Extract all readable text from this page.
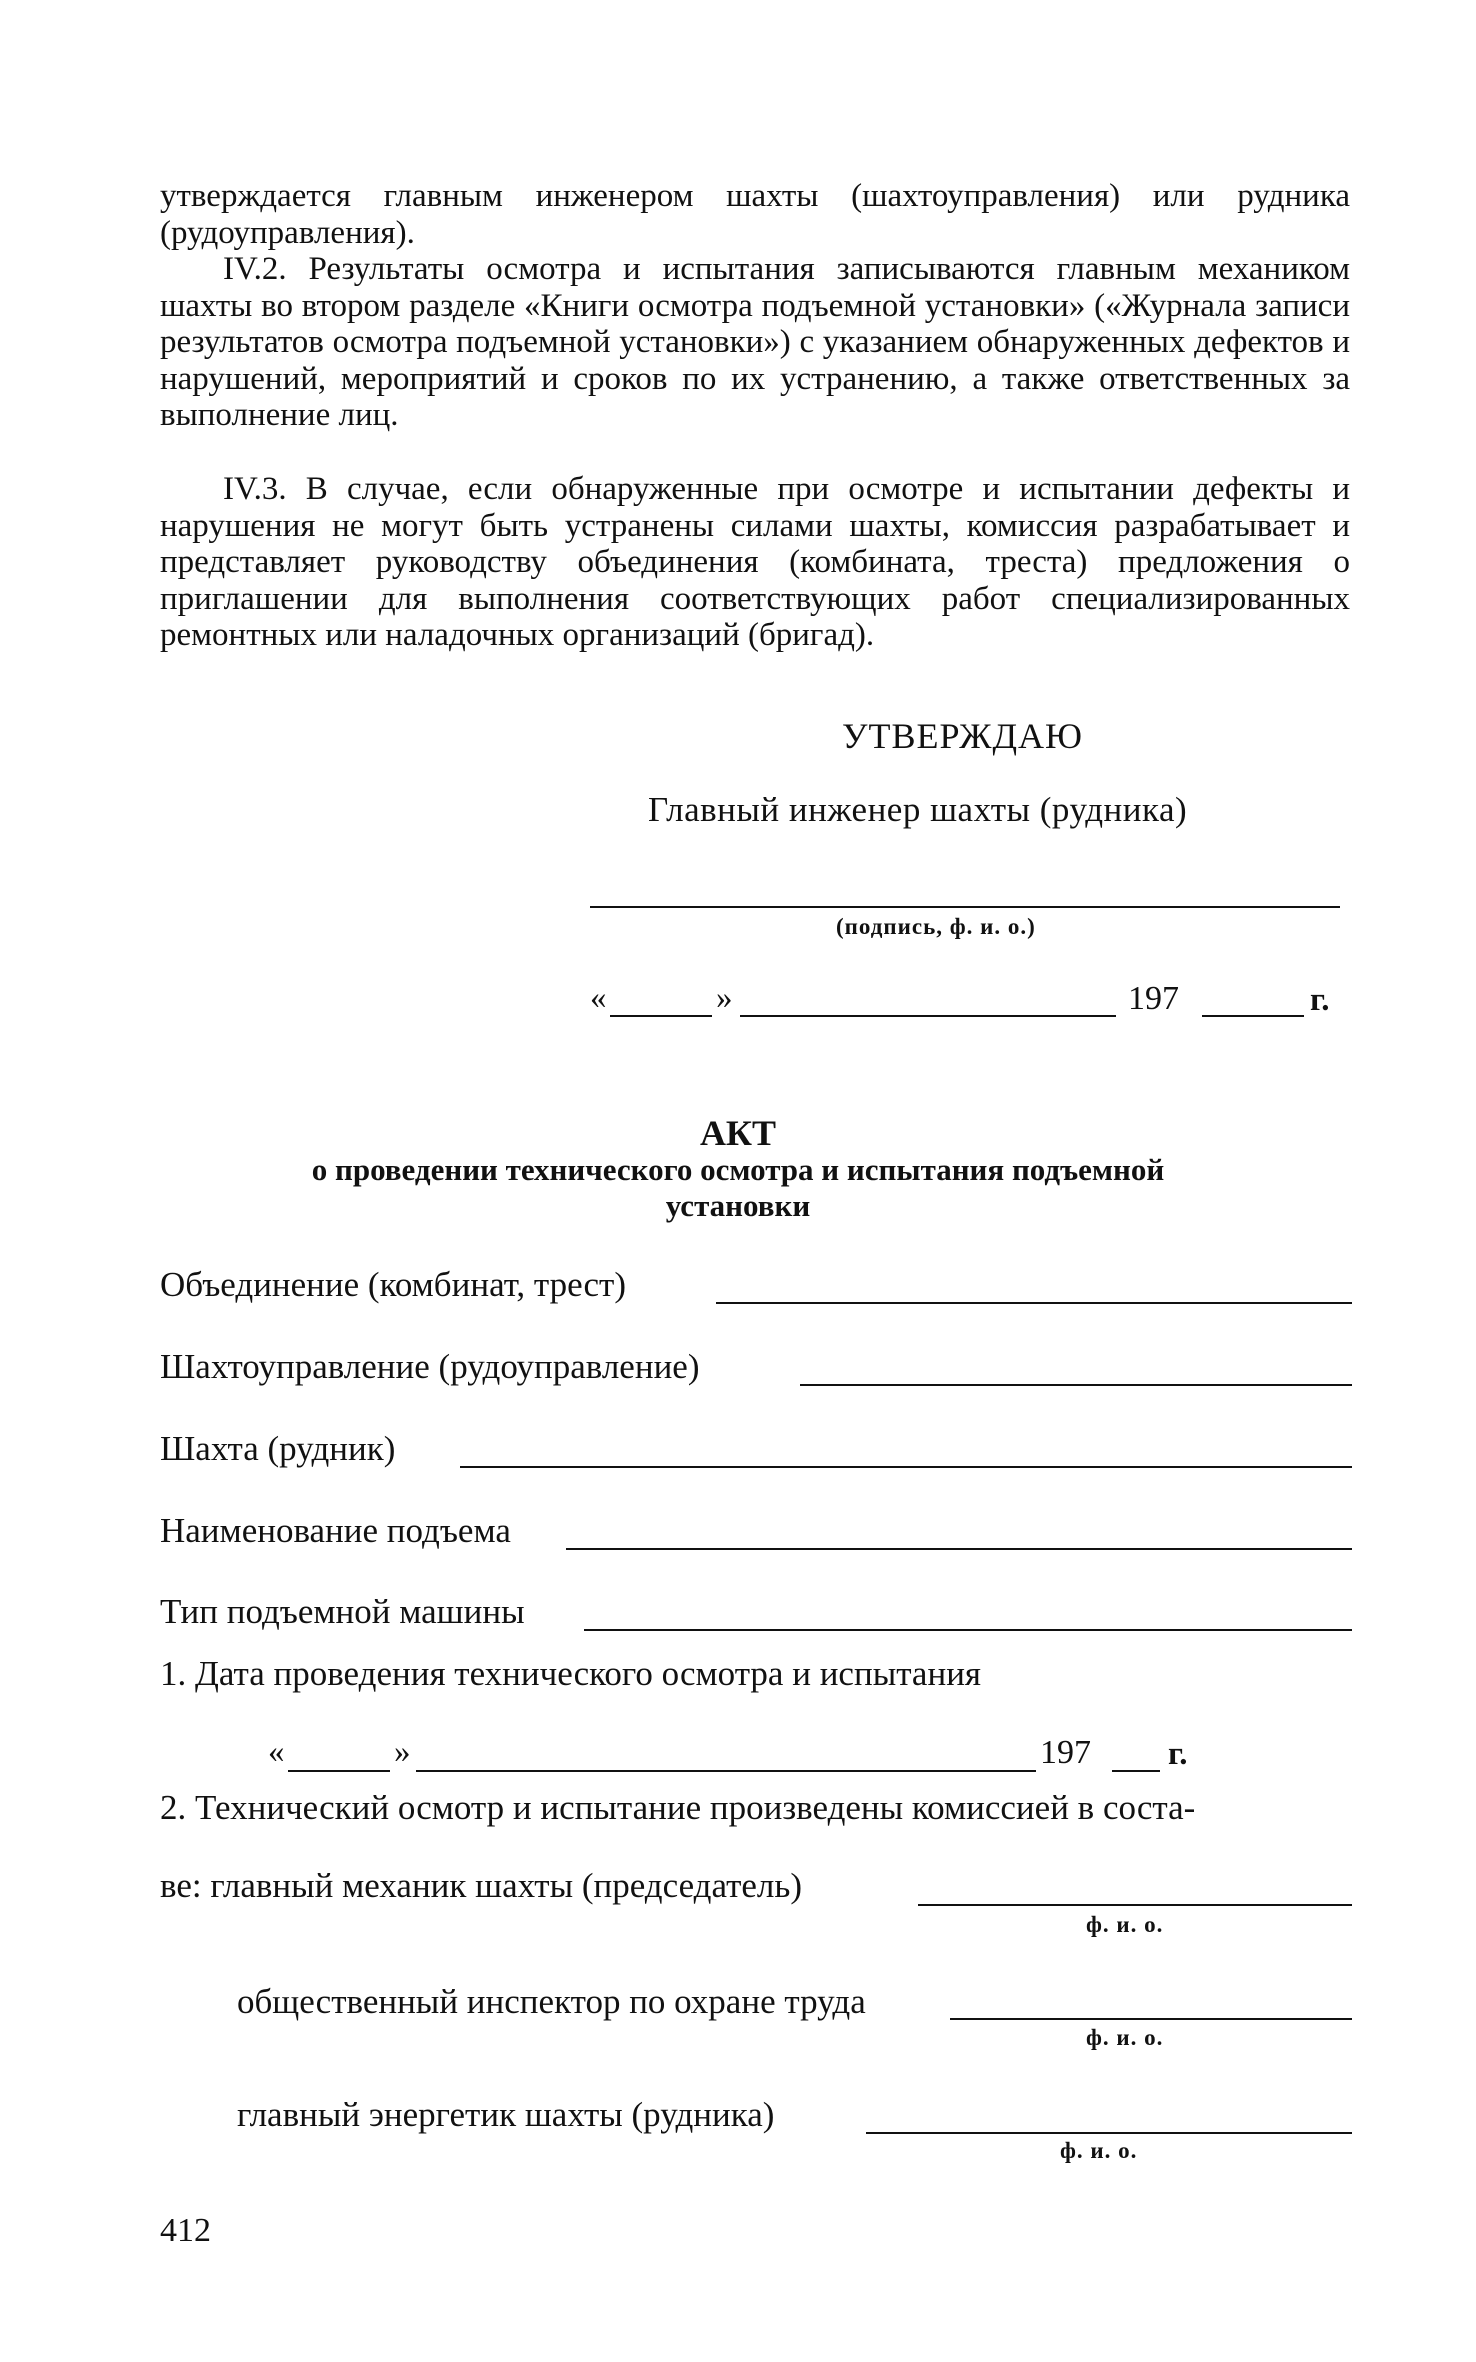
утверждается главным инженером шахты (шахтоуправления) или рудника (рудоуправления).
IV.2. Результаты осмотра и испытания записываются главным механиком шахты во втором разделе «Книги осмотра подъемной установки» («Журнала записи результатов осмотра подъемной установки») с указанием обнаруженных дефектов и нарушений, мероприятий и сроков по их устранению, а также ответственных за выполнение лиц.
IV.3. В случае, если обнаруженные при осмотре и испытании дефекты и нарушения не могут быть устранены силами шахты, комиссия разрабатывает и представляет руководству объединения (комбината, треста) предложения о приглашении для выполнения соответствующих работ специализированных ремонтных или наладочных организаций (бригад).
УТВЕРЖДАЮ
Главный инженер шахты (рудника)
(подпись, ф. и. о.)
«	»	197	г.
АКТ
о проведении технического осмотра и испытания подъемной
установки
Объединение (комбинат, трест)
Шахтоуправление (рудоуправление)
Шахта (рудник)
Наименование подъема
Тип подъемной машины
1. Дата проведения технического осмотра и испытания
«	»	197 г.
2. Технический осмотр и испытание произведены комиссией в соста-
ве: главный механик шахты (председатель)
ф. и. о.
общественный инспектор по охране труда
ф. и. о.
главный энергетик шахты (рудника)
ф. и. о.
412
